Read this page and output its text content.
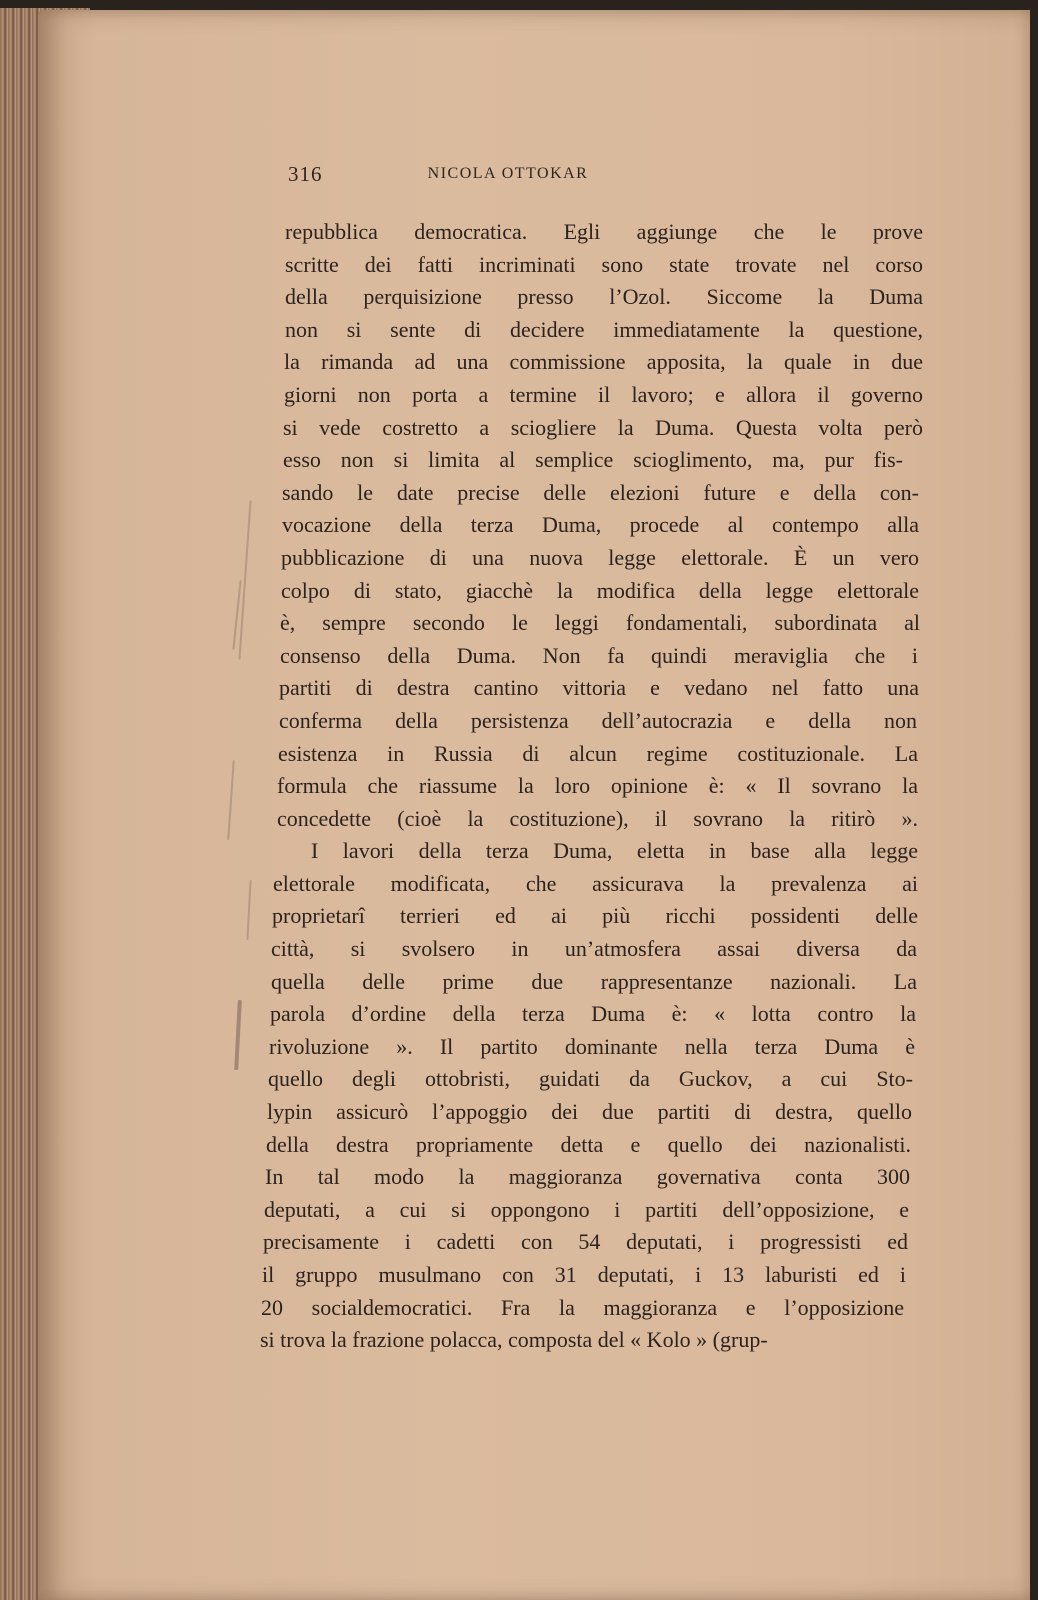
316	NICOLA OTTOKAR
repubblica democratica. Egli aggiunge che le prove
scritte dei fatti incriminati sono state trovate nel corso
della perquisizione presso l’Ozol. Siccome la Duma
non si sente di decidere immediatamente la questione,
la rimanda ad una commissione apposita, la quale in due
giorni non porta a termine il lavoro; e allora il governo
si vede costretto a sciogliere la Duma. Questa volta però
esso non si limita al semplice scioglimento, ma, pur fis-
sando le date precise delle elezioni future e della con-
vocazione della terza Duma, procede al contempo alla
pubblicazione di una nuova legge elettorale. È un vero
colpo di stato, giacchè la modifica della legge elettorale
è, sempre secondo le leggi fondamentali, subordinata al
consenso della Duma. Non fa quindi meraviglia che i
partiti di destra cantino vittoria e vedano nel fatto una
conferma della persistenza dell’autocrazia e della non
esistenza in Russia di alcun regime costituzionale. La
formula che riassume la loro opinione è: « Il sovrano la
concedette (cioè la costituzione), il sovrano la ritirò ».
I lavori della terza Duma, eletta in base alla legge
elettorale modificata, che assicurava la prevalenza ai
proprietarî terrieri ed ai più ricchi possidenti delle
città, si svolsero in un’atmosfera assai diversa da
quella delle prime due rappresentanze nazionali. La
parola d’ordine della terza Duma è: « lotta contro la
rivoluzione ». Il partito dominante nella terza Duma è
quello degli ottobristi, guidati da Guckov, a cui Sto-
lypin assicurò l’appoggio dei due partiti di destra, quello
della destra propriamente detta e quello dei nazionalisti.
In tal modo la maggioranza governativa conta 300
deputati, a cui si oppongono i partiti dell’opposizione, e
precisamente i cadetti con 54 deputati, i progressisti ed
il gruppo musulmano con 31 deputati, i 13 laburisti ed i
20 socialdemocratici. Fra la maggioranza e l’opposizione
si trova la frazione polacca, composta del « Kolo » (grup-
